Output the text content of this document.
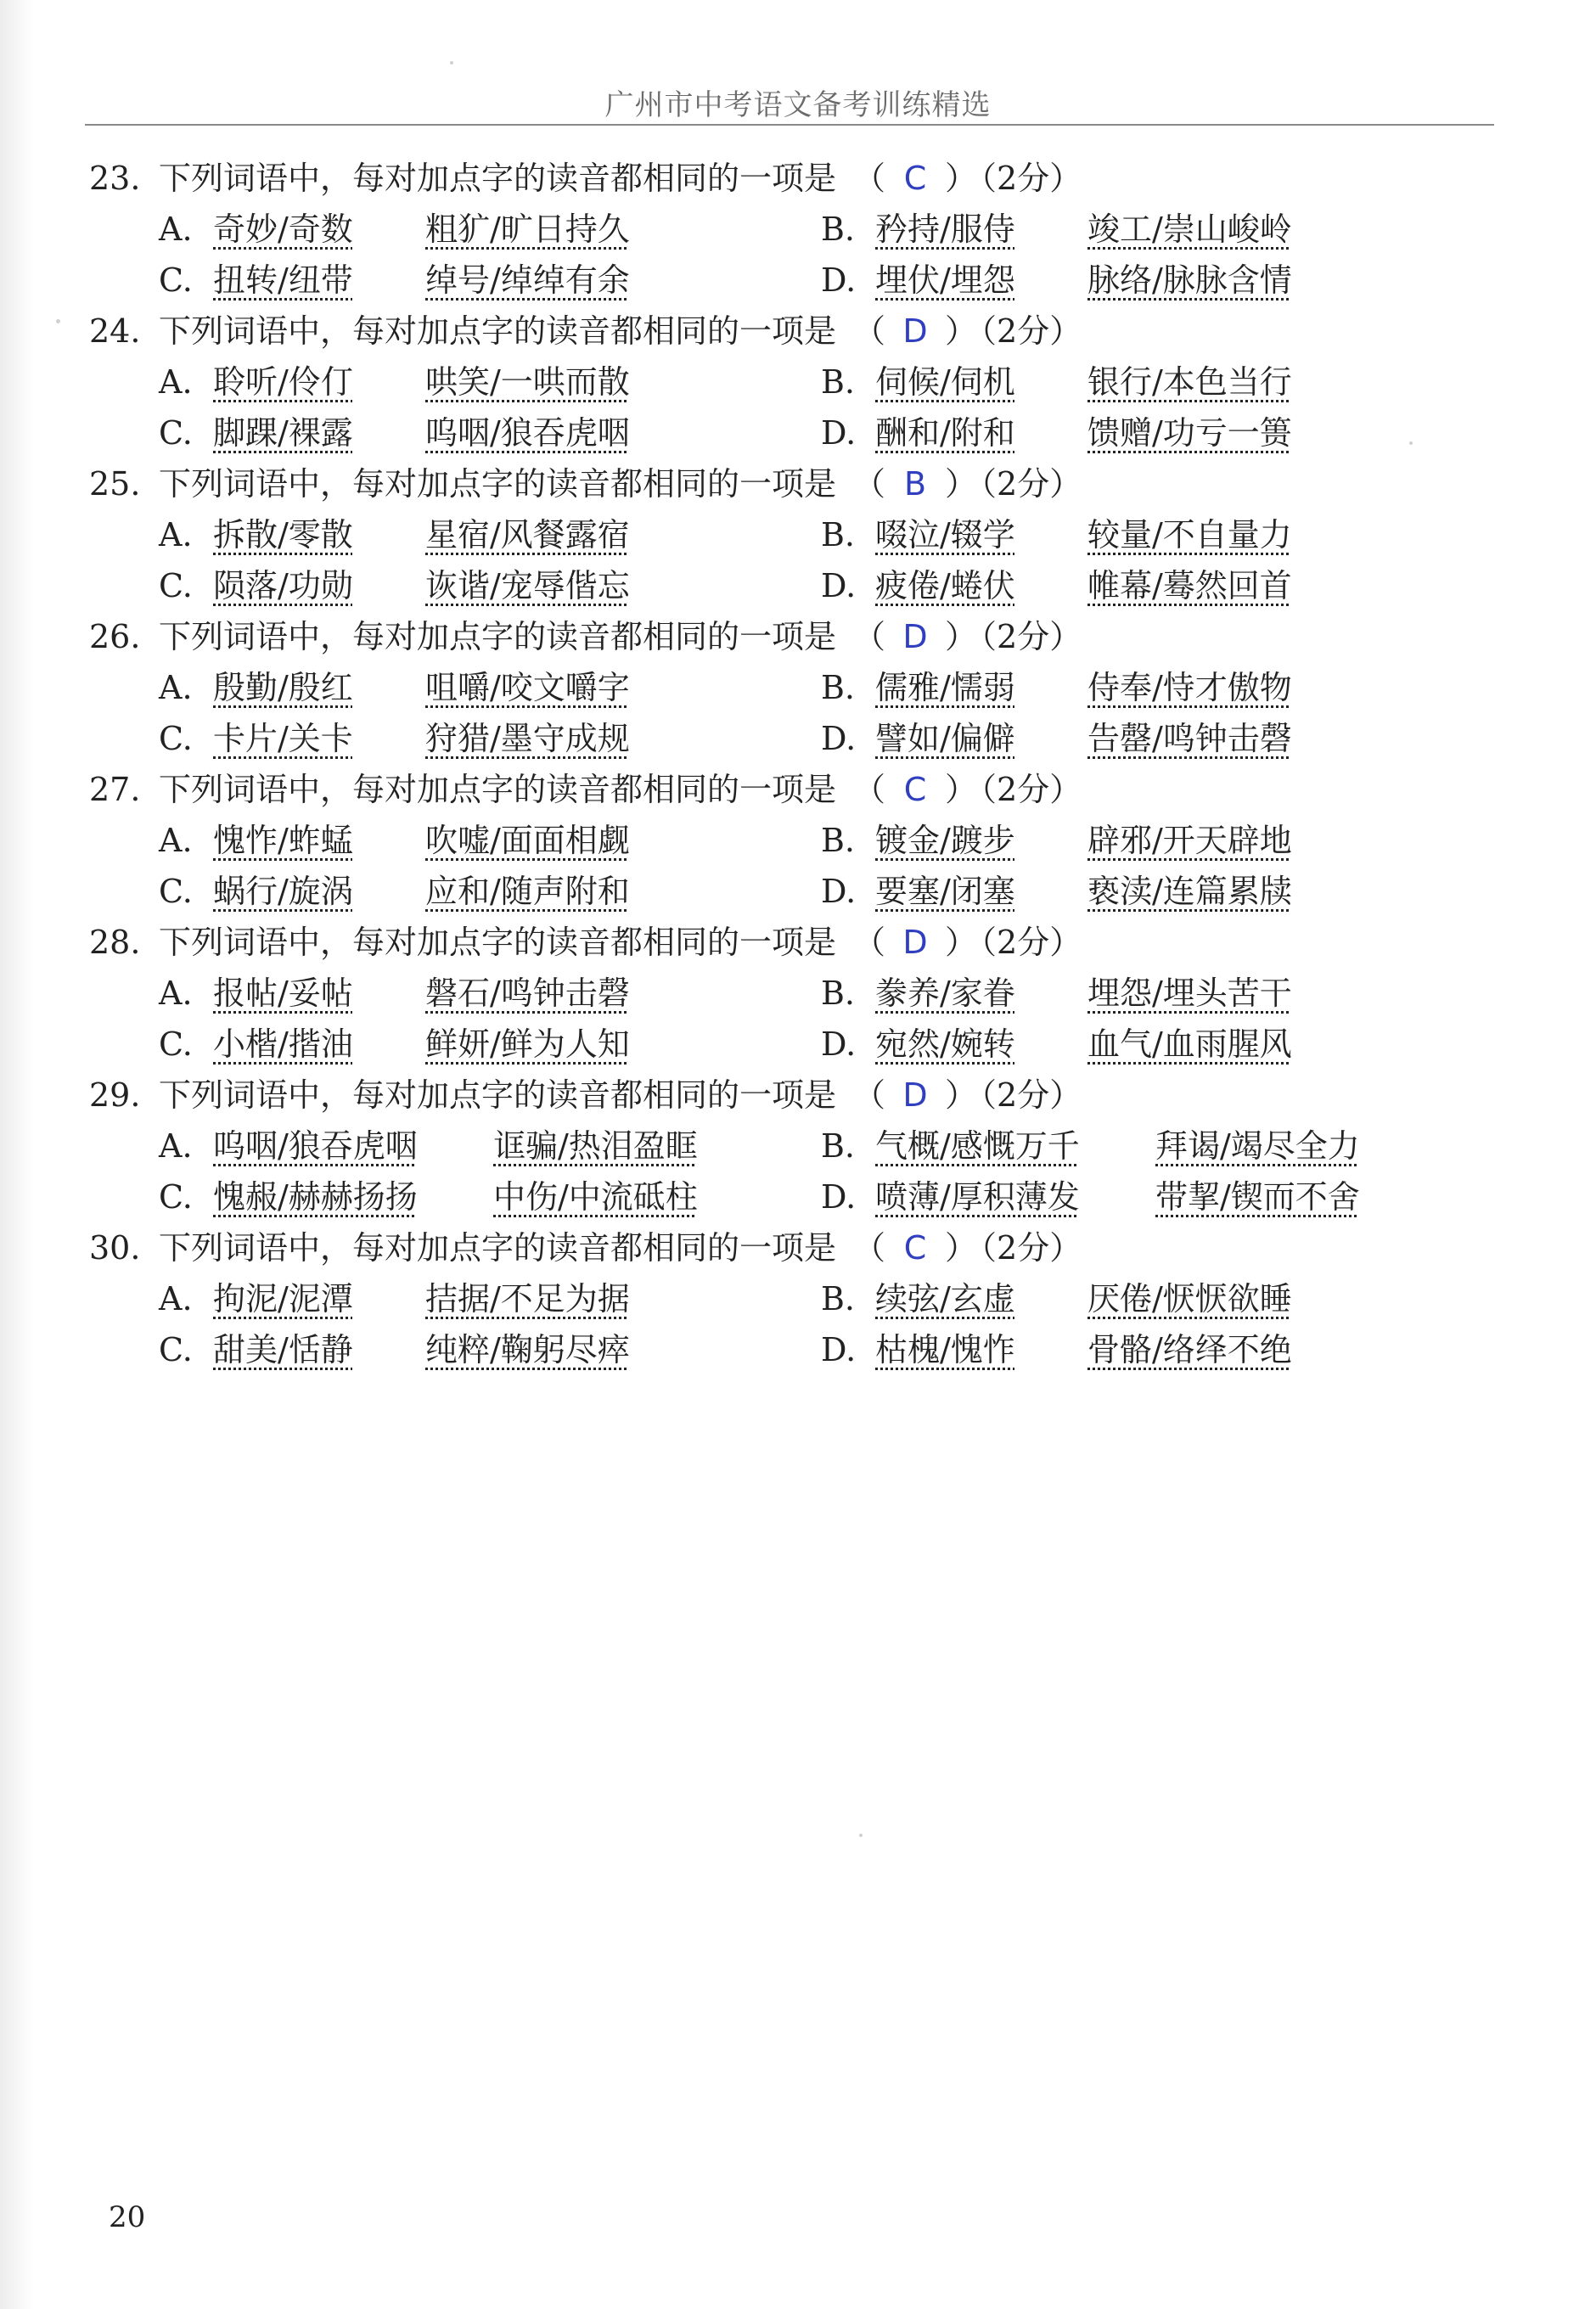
广州市中考语文备考训练精选
23. 下列词语中，每对加点字的读音都相同的一项是 （ C ） （2分）
A. 奇妙/奇数 粗犷/旷日持久	B. 矜持/服侍 竣工/崇山峻岭
C. 扭转/纽带 绰号/绰绰有余	D. 埋伏/埋怨 脉络/脉脉含情
24. 下列词语中，每对加点字的读音都相同的一项是 （ D ） （2分）
A. 聆听/伶仃 哄笑/一哄而散	B. 伺候/伺机 银行/本色当行
C. 脚踝/裸露 呜咽/狼吞虎咽	D. 酬和/附和 馈赠/功亏一篑
25. 下列词语中，每对加点字的读音都相同的一项是 （ B ） （2分）
A. 拆散/零散 星宿/风餐露宿	B. 啜泣/辍学 较量/不自量力
C. 陨落/功勋 诙谐/宠辱偕忘	D. 疲倦/蜷伏 帷幕/蓦然回首
26. 下列词语中，每对加点字的读音都相同的一项是 （ D ） （2分）
A. 殷勤/殷红 咀嚼/咬文嚼字	B. 儒雅/懦弱 侍奉/恃才傲物
C. 卡片/关卡 狩猎/墨守成规	D. 譬如/偏僻 告罄/鸣钟击磬
27. 下列词语中，每对加点字的读音都相同的一项是 （ C ） （2分）
A. 愧怍/蚱蜢 吹嘘/面面相觑	B. 镀金/踱步 辟邪/开天辟地
C. 蜗行/旋涡 应和/随声附和	D. 要塞/闭塞 亵渎/连篇累牍
28. 下列词语中，每对加点字的读音都相同的一项是 （ D ） （2分）
A. 报帖/妥帖 磐石/鸣钟击磬	B. 豢养/家眷 埋怨/埋头苦干
C. 小楷/揩油 鲜妍/鲜为人知	D. 宛然/婉转 血气/血雨腥风
29. 下列词语中，每对加点字的读音都相同的一项是 （ D ） （2分）
A. 呜咽/狼吞虎咽 诓骗/热泪盈眶	B. 气概/感慨万千 拜谒/竭尽全力
C. 愧赧/赫赫扬扬 中伤/中流砥柱	D. 喷薄/厚积薄发 带挈/锲而不舍
30. 下列词语中，每对加点字的读音都相同的一项是 （ C ） （2分）
A. 拘泥/泥潭 拮据/不足为据	B. 续弦/玄虚 厌倦/恹恹欲睡
C. 甜美/恬静 纯粹/鞠躬尽瘁	D. 枯槐/愧怍 骨骼/络绎不绝
20
